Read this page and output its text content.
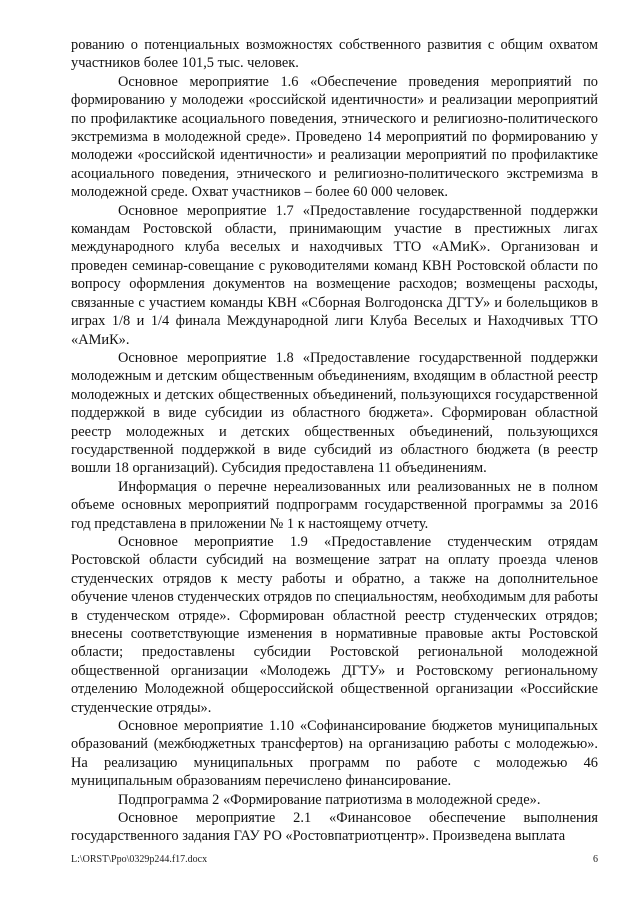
рованию о потенциальных возможностях собственного развития с общим охватом участников более 101,5 тыс. человек.

Основное мероприятие 1.6 «Обеспечение проведения мероприятий по формированию у молодежи «российской идентичности» и реализации мероприятий по профилактике асоциального поведения, этнического и религиозно-политического экстремизма в молодежной среде». Проведено 14 мероприятий по формированию у молодежи «российской идентичности» и реализации мероприятий по профилактике асоциального поведения, этнического и религиозно-политического экстремизма в молодежной среде. Охват участников – более 60 000 человек.

Основное мероприятие 1.7 «Предоставление государственной поддержки командам Ростовской области, принимающим участие в престижных лигах международного клуба веселых и находчивых ТТО «АМиК». Организован и проведен семинар-совещание с руководителями команд КВН Ростовской области по вопросу оформления документов на возмещение расходов; возмещены расходы, связанные с участием команды КВН «Сборная Волгодонска ДГТУ» и болельщиков в играх 1/8 и 1/4 финала Международной лиги Клуба Веселых и Находчивых ТТО «АМиК».

Основное мероприятие 1.8 «Предоставление государственной поддержки молодежным и детским общественным объединениям, входящим в областной реестр молодежных и детских общественных объединений, пользующихся государственной поддержкой в виде субсидии из областного бюджета». Сформирован областной реестр молодежных и детских общественных объединений, пользующихся государственной поддержкой в виде субсидий из областного бюджета (в реестр вошли 18 организаций). Субсидия предоставлена 11 объединениям.

Информация о перечне нереализованных или реализованных не в полном объеме основных мероприятий подпрограмм государственной программы за 2016 год представлена в приложении № 1 к настоящему отчету.

Основное мероприятие 1.9 «Предоставление студенческим отрядам Ростовской области субсидий на возмещение затрат на оплату проезда членов студенческих отрядов к месту работы и обратно, а также на дополнительное обучение членов студенческих отрядов по специальностям, необходимым для работы в студенческом отряде». Сформирован областной реестр студенческих отрядов; внесены соответствующие изменения в нормативные правовые акты Ростовской области; предоставлены субсидии Ростовской региональной молодежной общественной организации «Молодежь ДГТУ» и Ростовскому региональному отделению Молодежной общероссийской общественной организации «Российские студенческие отряды».

Основное мероприятие 1.10 «Софинансирование бюджетов муниципальных образований (межбюджетных трансфертов) на организацию работы с молодежью». На реализацию муниципальных программ по работе с молодежью 46 муниципальным образованиям перечислено финансирование.

Подпрограмма 2 «Формирование патриотизма в молодежной среде».

Основное мероприятие 2.1 «Финансовое обеспечение выполнения государственного задания ГАУ РО «Ростовпатриотцентр». Произведена выплата

L:\ORST\Ppo\0329p244.f17.docx	6
